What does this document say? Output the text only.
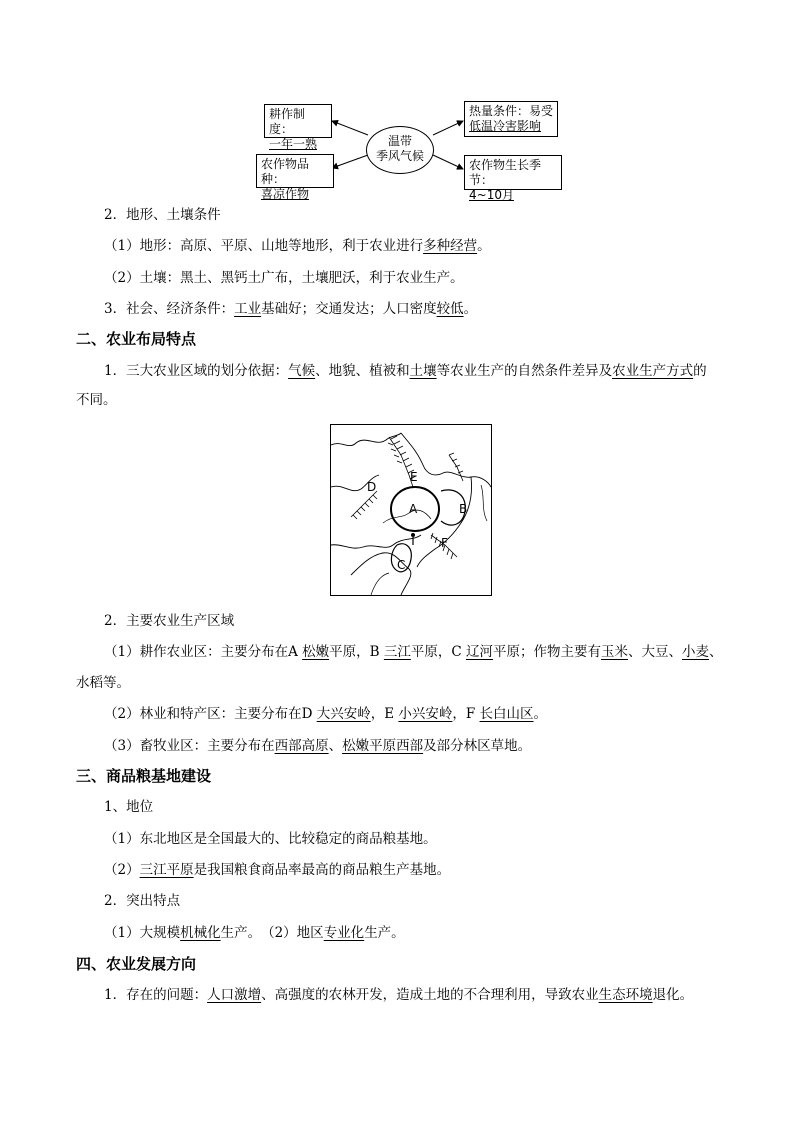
耕作制度：
一年一熟
农作物品种：
喜凉作物
温带
季风气候
热量条件：易受
低温冷害影响
农作物生长季节：
4~10月
2．地形、土壤条件
（1）地形：高原、平原、山地等地形，利于农业进行多种经营。
（2）土壤：黑土、黑钙土广布，土壤肥沃，利于农业生产。
3．社会、经济条件：工业基础好；交通发达；人口密度较低。
二、农业布局特点
1．三大农业区域的划分依据：气候、地貌、植被和土壤等农业生产的自然条件差异及农业生产方式的
不同。
D
E
A	B
F
C
2．主要农业生产区域
（1）耕作农业区：主要分布在A 松嫩平原，B 三江平原，C 辽河平原；作物主要有玉米、大豆、小麦、
水稻等。
（2）林业和特产区：主要分布在D 大兴安岭，E 小兴安岭，F 长白山区。
（3）畜牧业区：主要分布在西部高原、松嫩平原西部及部分林区草地。
三、商品粮基地建设
1、地位
（1）东北地区是全国最大的、比较稳定的商品粮基地。
（2）三江平原是我国粮食商品率最高的商品粮生产基地。
2．突出特点
（1）大规模机械化生产。　（2）地区专业化生产。
四、农业发展方向
1．存在的问题：人口激增、高强度的农林开发，造成土地的不合理利用，导致农业生态环境退化。
